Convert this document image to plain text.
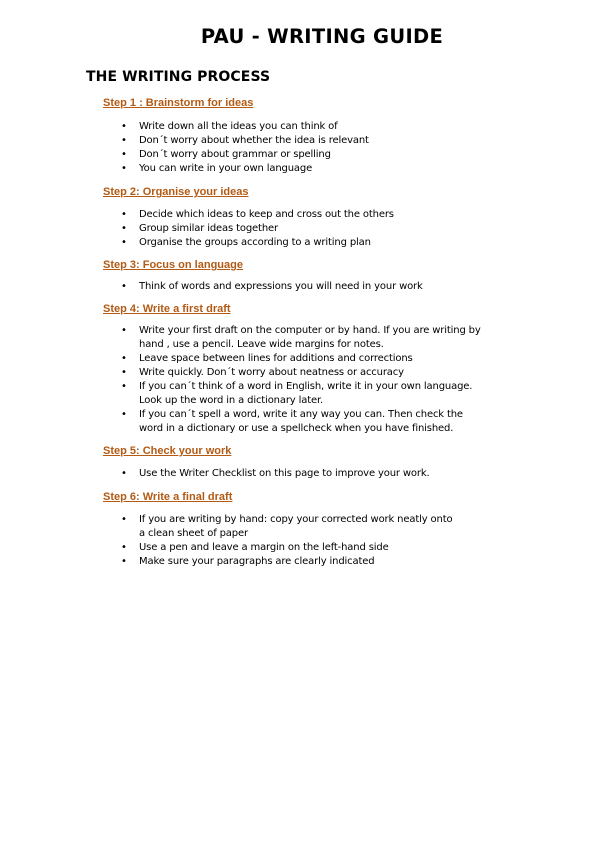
PAU - WRITING GUIDE
THE WRITING PROCESS
Step 1 : Brainstorm for ideas
• Write down all the ideas you can think of
• Don´t worry about whether the idea is relevant
• Don´t worry about grammar or spelling
• You can write in your own language
Step 2: Organise your ideas
• Decide which ideas to keep and cross out the others
• Group similar ideas together
• Organise the groups according to a writing plan
Step 3: Focus on language
• Think of words and expressions you will need in your work
Step 4: Write a first draft
• Write your first draft on the computer or by hand. If you are writing by
hand , use a pencil. Leave wide margins for notes.
• Leave space between lines for additions and corrections
• Write quickly. Don´t worry about neatness or accuracy
• If you can´t think of a word in English, write it in your own language.
Look up the word in a dictionary later.
• If you can´t spell a word, write it any way you can. Then check the
word in a dictionary or use a spellcheck when you have finished.
Step 5: Check your work
• Use the Writer Checklist on this page to improve your work.
Step 6: Write a final draft
• If you are writing by hand: copy your corrected work neatly onto
a clean sheet of paper
• Use a pen and leave a margin on the left-hand side
• Make sure your paragraphs are clearly indicated
